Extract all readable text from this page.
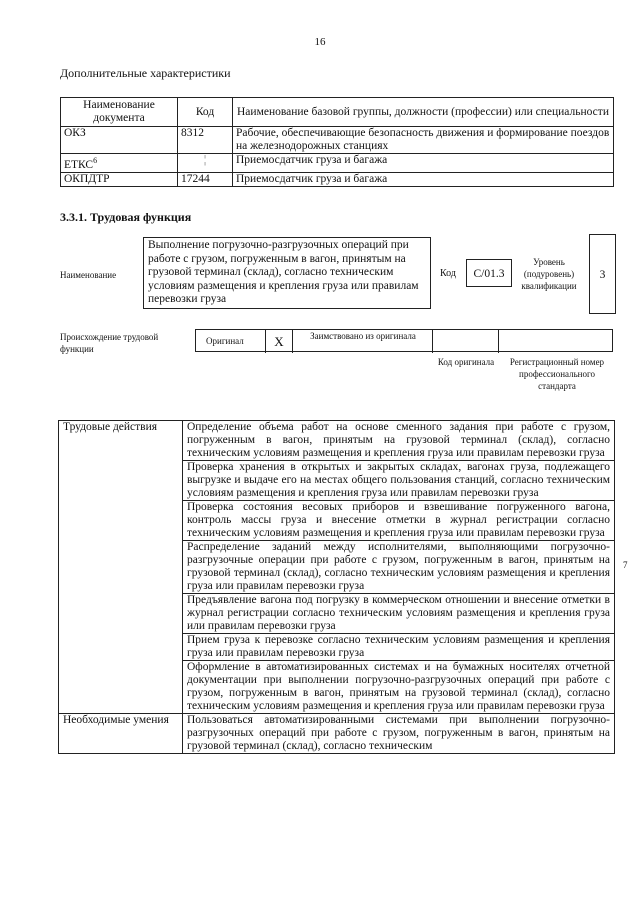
16
Дополнительные характеристики
Наименование документа	Код	Наименование базовой группы, должности (профессии) или специальности
ОКЗ	8312	Рабочие, обеспечивающие безопасность движения и формирование поездов на железнодорожных станциях
ЕТКС$^6$	¦	Приемосдатчик груза и багажа
ОКПДТР	17244	Приемосдатчик груза и багажа
3.3.1. Трудовая функция
Наименование
Выполнение погрузочно-разгрузочных операций при работе с грузом, погруженным в вагон, принятым на грузовой терминал (склад), согласно техническим условиям размещения и крепления груза или правилам перевозки груза
Код	C/01.3
Уровень (подуровень) квалификации
3
Происхождение трудовой функции
Оригинал	X	Заимствовано из оригинала
Код оригинала	Регистрационный номер профессионального стандарта
Трудовые действия	Определение объема работ на основе сменного задания при работе с грузом, погруженным в вагон, принятым на грузовой терминал (склад), согласно техническим условиям размещения и крепления груза или правилам перевозки груза
	Проверка хранения в открытых и закрытых складах, вагонах груза, подлежащего выгрузке и выдаче его на местах общего пользования станций, согласно техническим условиям размещения и крепления груза или правилам перевозки груза
	Проверка состояния весовых приборов и взвешивание погруженного вагона, контроль массы груза и внесение отметки в журнал регистрации согласно техническим условиям размещения и крепления груза или правилам перевозки груза
	Распределение заданий между исполнителями, выполняющими погрузочно-разгрузочные операции при работе с грузом, погруженным в вагон, принятым на грузовой терминал (склад), согласно техническим условиям размещения и крепления груза или правилам перевозки груза
	Предъявление вагона под погрузку в коммерческом отношении и внесение отметки в журнал регистрации согласно техническим условиям размещения и крепления груза или правилам перевозки груза
	Прием груза к перевозке согласно техническим условиям размещения и крепления груза или правилам перевозки груза
	Оформление в автоматизированных системах и на бумажных носителях отчетной документации при выполнении погрузочно-разгрузочных операций при работе с грузом, погруженным в вагон, принятым на грузовой терминал (склад), согласно техническим условиям размещения и крепления груза или правилам перевозки груза
Необходимые умения	Пользоваться автоматизированными системами при выполнении погрузочно-разгрузочных операций при работе с грузом, погруженным в вагон, принятым на грузовой терминал (склад), согласно техническим
7
